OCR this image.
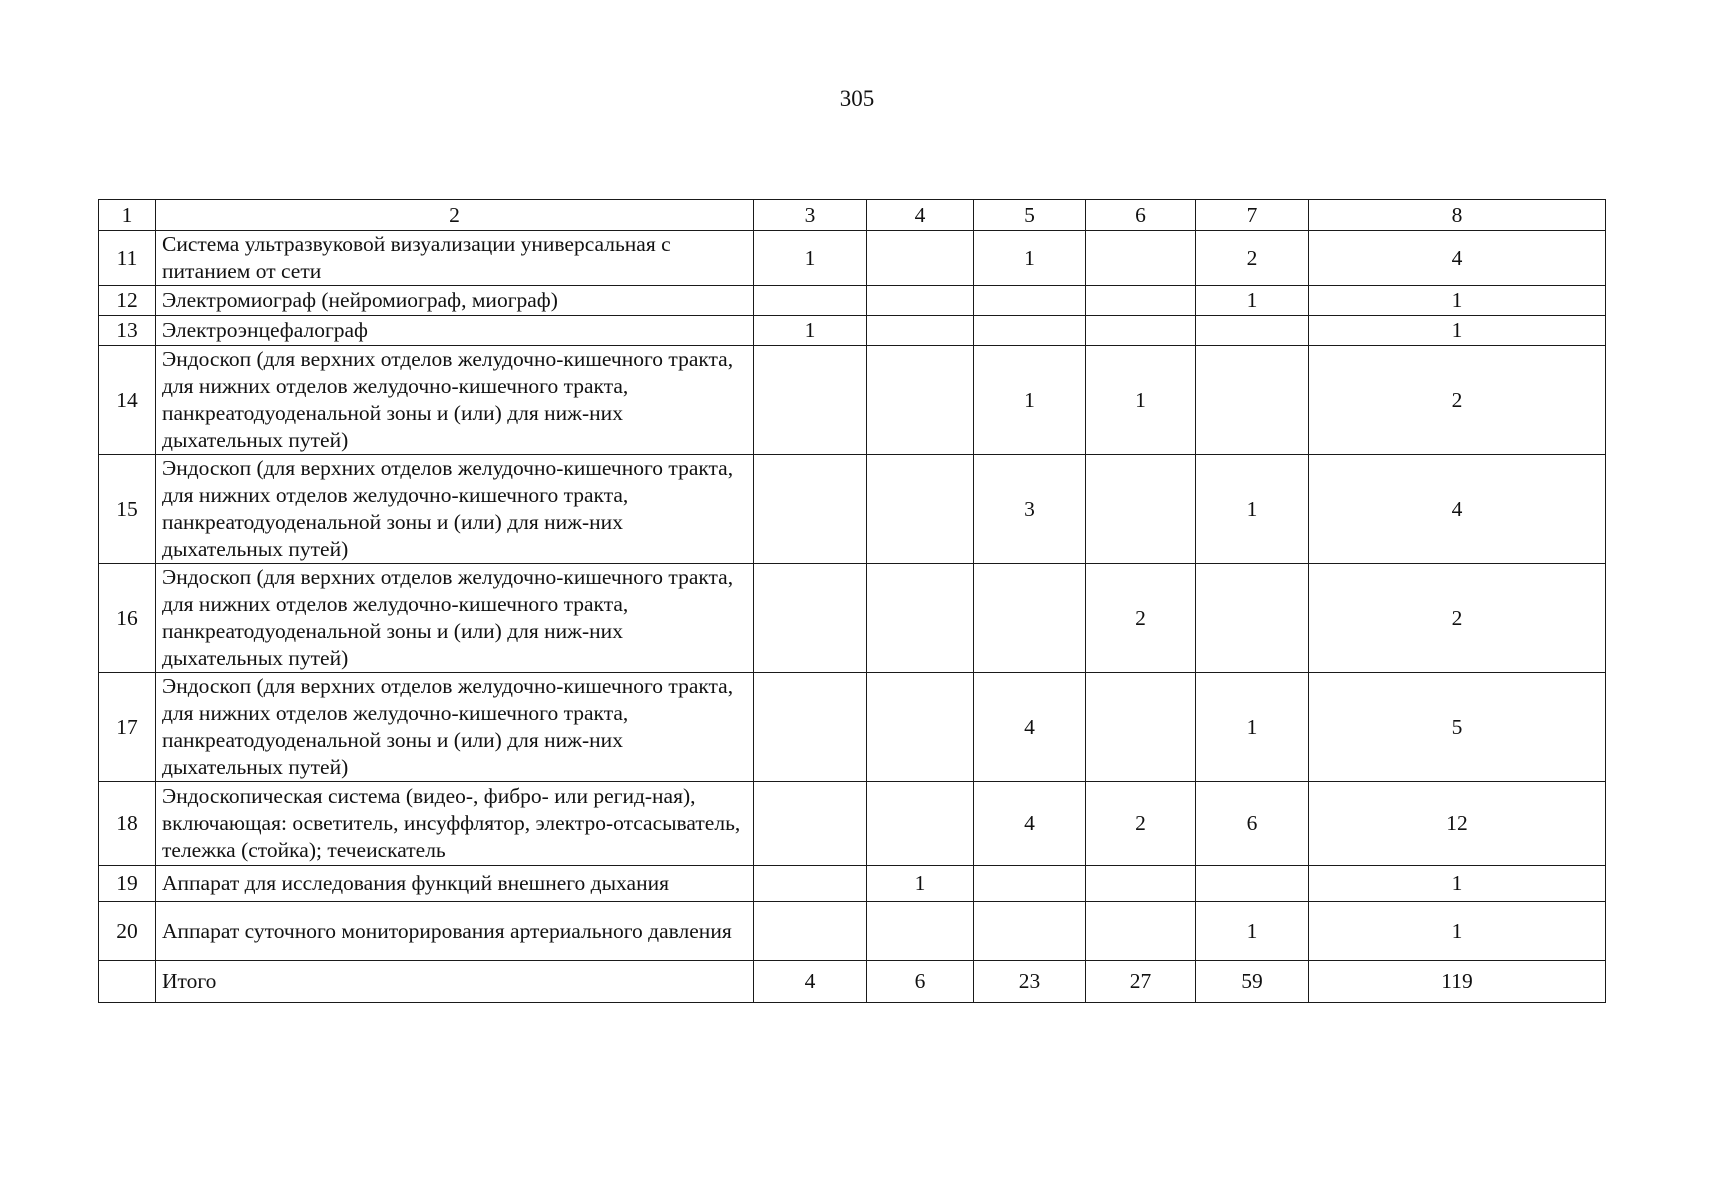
305
1	2	3	4	5	6	7	8
11	Система ультразвуковой визуализации универсальная с питанием от сети	1		1		2	4
12	Электромиограф (нейромиограф, миограф)					1	1
13	Электроэнцефалограф	1					1
14	Эндоскоп (для верхних отделов желудочно-кишечного тракта, для нижних отделов желудочно-кишечного тракта, панкреатодуоденальной зоны и (или) для ниж-них дыхательных путей)			1	1		2
15	Эндоскоп (для верхних отделов желудочно-кишечного тракта, для нижних отделов желудочно-кишечного тракта, панкреатодуоденальной зоны и (или) для ниж-них дыхательных путей)			3		1	4
16	Эндоскоп (для верхних отделов желудочно-кишечного тракта, для нижних отделов желудочно-кишечного тракта, панкреатодуоденальной зоны и (или) для ниж-них дыхательных путей)				2		2
17	Эндоскоп (для верхних отделов желудочно-кишечного тракта, для нижних отделов желудочно-кишечного тракта, панкреатодуоденальной зоны и (или) для ниж-них дыхательных путей)			4		1	5
18	Эндоскопическая система (видео-, фибро- или регид-ная), включающая: осветитель, инсуффлятор, электро-отсасыватель, тележка (стойка); течеискатель			4	2	6	12
19	Аппарат для исследования функций внешнего дыхания		1				1
20	Аппарат суточного мониторирования артериального давления					1	1
	Итого	4	6	23	27	59	119
